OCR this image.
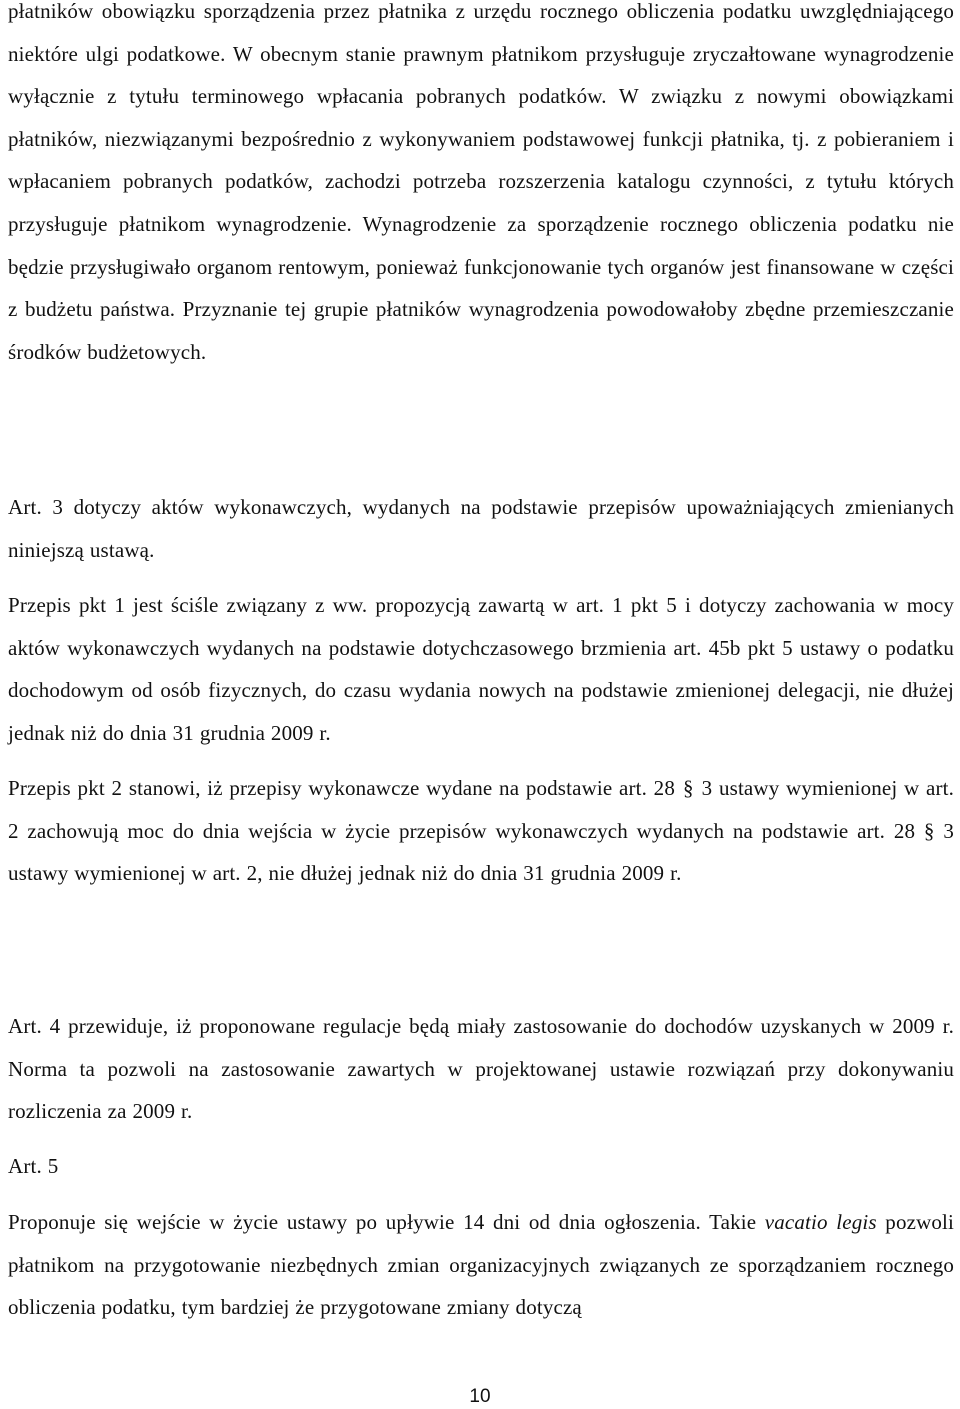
płatników obowiązku sporządzenia przez płatnika z urzędu rocznego obliczenia podatku uwzględniającego niektóre ulgi podatkowe. W obecnym stanie prawnym płatnikom przysługuje zryczałtowane wynagrodzenie wyłącznie z tytułu terminowego wpłacania pobranych podatków. W związku z nowymi obowiązkami płatników, niezwiązanymi bezpośrednio z wykonywaniem podstawowej funkcji płatnika, tj. z pobieraniem i wpłacaniem pobranych podatków, zachodzi potrzeba rozszerzenia katalogu czynności, z tytułu których przysługuje płatnikom wynagrodzenie. Wynagrodzenie za sporządzenie rocznego obliczenia podatku nie będzie przysługiwało organom rentowym, ponieważ funkcjonowanie tych organów jest finansowane w części z budżetu państwa. Przyznanie tej grupie płatników wynagrodzenia powodowałoby zbędne przemieszczanie środków budżetowych.

Art. 3 dotyczy aktów wykonawczych, wydanych na podstawie przepisów upoważniających zmienianych niniejszą ustawą.

Przepis pkt 1 jest ściśle związany z ww. propozycją zawartą w art. 1 pkt 5 i dotyczy zachowania w mocy aktów wykonawczych wydanych na podstawie dotychczasowego brzmienia art. 45b pkt 5 ustawy o podatku dochodowym od osób fizycznych, do czasu wydania nowych na podstawie zmienionej delegacji, nie dłużej jednak niż do dnia 31 grudnia 2009 r.

Przepis pkt 2 stanowi, iż przepisy wykonawcze wydane na podstawie art. 28 § 3 ustawy wymienionej w art. 2 zachowują moc do dnia wejścia w życie przepisów wykonawczych wydanych na podstawie art. 28 § 3 ustawy wymienionej w art. 2, nie dłużej jednak niż do dnia 31 grudnia 2009 r.

Art. 4 przewiduje, iż proponowane regulacje będą miały zastosowanie do dochodów uzyskanych w 2009 r. Norma ta pozwoli na zastosowanie zawartych w projektowanej ustawie rozwiązań przy dokonywaniu rozliczenia za 2009 r.

Art. 5

Proponuje się wejście w życie ustawy po upływie 14 dni od dnia ogłoszenia. Takie vacatio legis pozwoli płatnikom na przygotowanie niezbędnych zmian organizacyjnych związanych ze sporządzaniem rocznego obliczenia podatku, tym bardziej że przygotowane zmiany dotyczą

10
